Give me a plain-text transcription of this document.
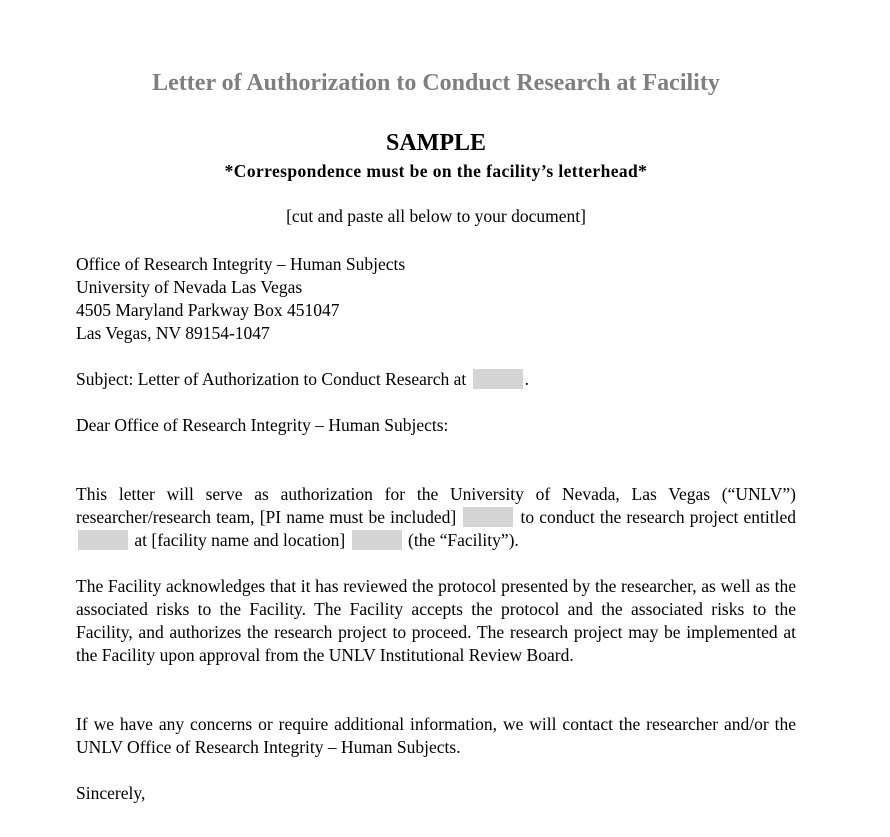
Letter of Authorization to Conduct Research at Facility
SAMPLE
*Correspondence must be on the facility’s letterhead*
[cut and paste all below to your document]
Office of Research Integrity – Human Subjects
University of Nevada Las Vegas
4505 Maryland Parkway Box 451047
Las Vegas, NV 89154-1047
Subject: Letter of Authorization to Conduct Research at	.
Dear Office of Research Integrity – Human Subjects:
This letter will serve as authorization for the University of Nevada, Las Vegas (“UNLV”) researcher/research team, [PI name must be included]	to conduct the research project entitled  at [facility name and location]	(the “Facility”).
The Facility acknowledges that it has reviewed the protocol presented by the researcher, as well as the associated risks to the Facility. The Facility accepts the protocol and the associated risks to the Facility, and authorizes the research project to proceed. The research project may be implemented at the Facility upon approval from the UNLV Institutional Review Board.
If we have any concerns or require additional information, we will contact the researcher and/or the UNLV Office of Research Integrity – Human Subjects.
Sincerely,
